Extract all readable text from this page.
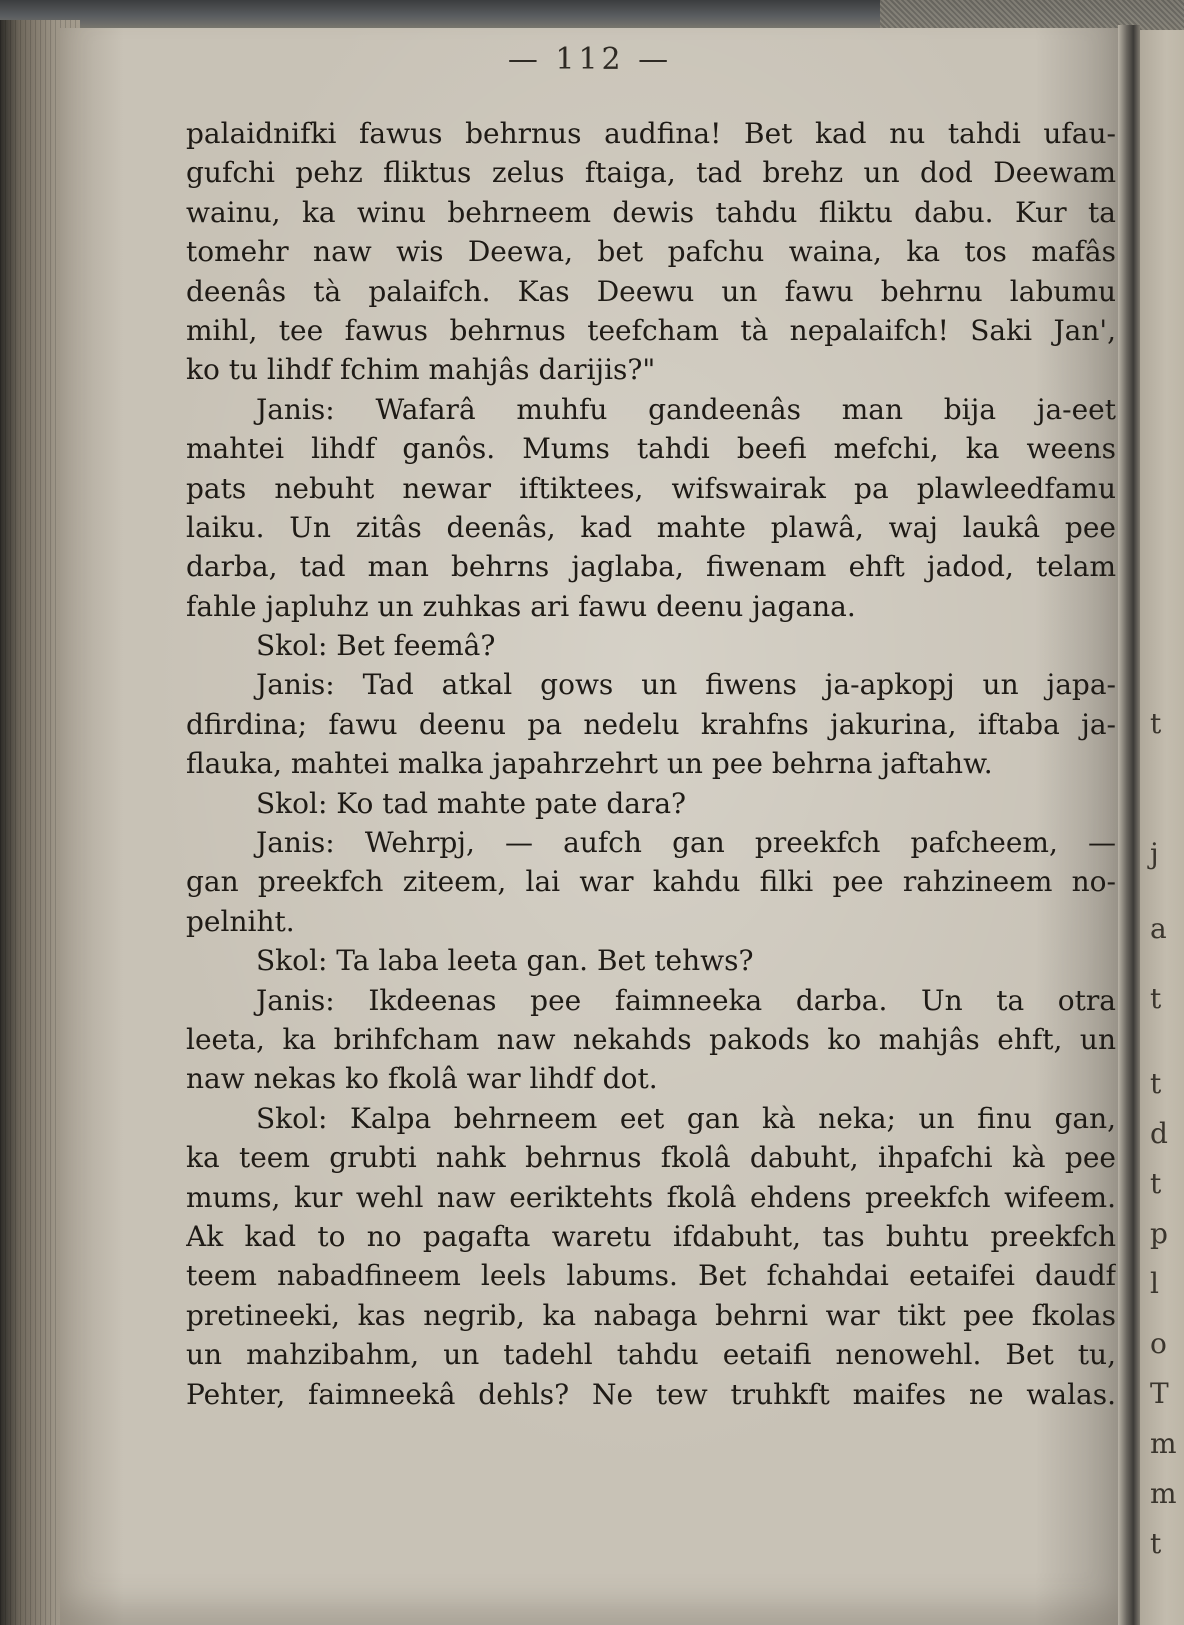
— 112 —
palaidnifki fawus behrnus audfina! Bet kad nu tahdi ufau-
gufchi pehz fliktus zelus ftaiga, tad brehz un dod Deewam
wainu, ka winu behrneem dewis tahdu fliktu dabu. Kur ta
tomehr naw wis Deewa, bet pafchu waina, ka tos mafâs
deenâs tà palaifch. Kas Deewu un fawu behrnu labumu
mihl, tee fawus behrnus teefcham tà nepalaifch! Saki Jan',
ko tu lihdf fchim mahjâs darijis?"
Janis: Wafarâ muhfu gandeenâs man bija ja-eet
mahtei lihdf ganôs. Mums tahdi beefi mefchi, ka weens
pats nebuht newar iftiktees, wifswairak pa plawleedfamu
laiku. Un zitâs deenâs, kad mahte plawâ, waj laukâ pee
darba, tad man behrns jaglaba, fiwenam ehft jadod, telam
fahle japluhz un zuhkas ari fawu deenu jagana.
Skol: Bet feemâ?
Janis: Tad atkal gows un fiwens ja-apkopj un japa-
dfirdina; fawu deenu pa nedelu krahfns jakurina, iftaba ja-
flauka, mahtei malka japahrzehrt un pee behrna jaftahw.
Skol: Ko tad mahte pate dara?
Janis: Wehrpj, — aufch gan preekfch pafcheem, —
gan preekfch ziteem, lai war kahdu filki pee rahzineem no-
pelniht.
Skol: Ta laba leeta gan. Bet tehws?
Janis: Ikdeenas pee faimneeka darba. Un ta otra
leeta, ka brihfcham naw nekahds pakods ko mahjâs ehft, un
naw nekas ko fkolâ war lihdf dot.
Skol: Kalpa behrneem eet gan kà neka; un finu gan,
ka teem grubti nahk behrnus fkolâ dabuht, ihpafchi kà pee
mums, kur wehl naw eeriktehts fkolâ ehdens preekfch wifeem.
Ak kad to no pagafta waretu ifdabuht, tas buhtu preekfch
teem nabadfineem leels labums. Bet fchahdai eetaifei daudf
pretineeki, kas negrib, ka nabaga behrni war tikt pee fkolas
un mahzibahm, un tadehl tahdu eetaifi nenowehl. Bet tu,
Pehter, faimneekâ dehls? Ne tew truhkft maifes ne walas.
t
j
a
t
t
d
t
p
l
o
T
m
m
t
